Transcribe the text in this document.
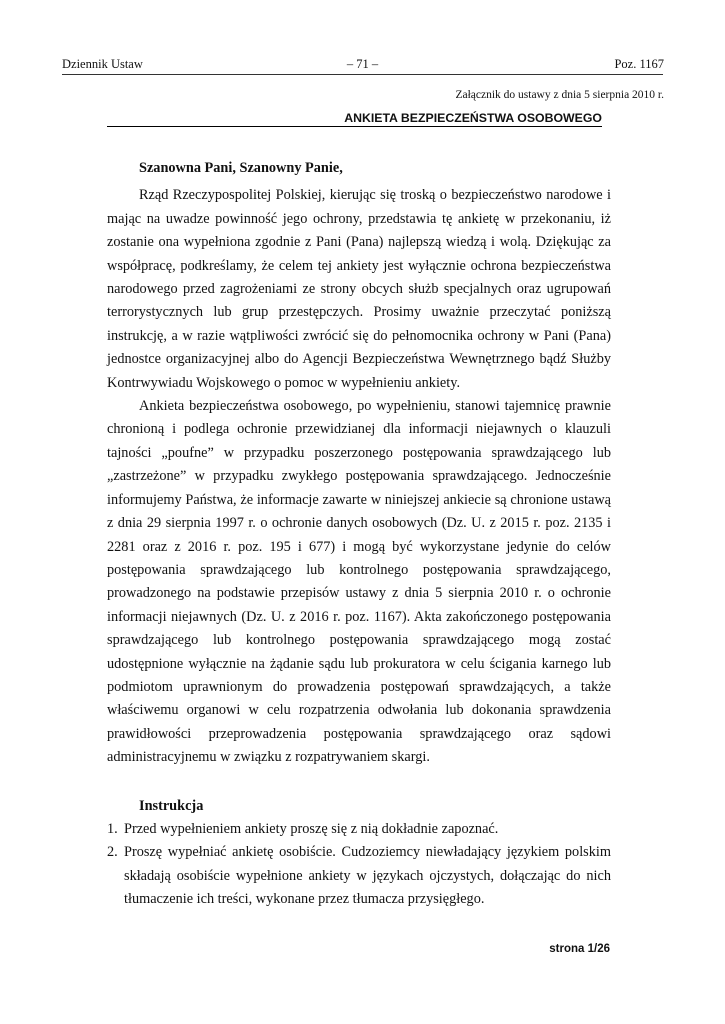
Dziennik Ustaw	– 71 –	Poz. 1167
Załącznik do ustawy z dnia 5 sierpnia 2010 r.
ANKIETA BEZPIECZEŃSTWA OSOBOWEGO

Szanowna Pani, Szanowny Panie,

Rząd Rzeczypospolitej Polskiej, kierując się troską o bezpieczeństwo narodowe i mając na uwadze powinność jego ochrony, przedstawia tę ankietę w przekonaniu, iż zostanie ona wypełniona zgodnie z Pani (Pana) najlepszą wiedzą i wolą. Dziękując za współpracę, podkreślamy, że celem tej ankiety jest wyłącznie ochrona bezpieczeństwa narodowego przed zagrożeniami ze strony obcych służb specjalnych oraz ugrupowań terrorystycznych lub grup przestępczych. Prosimy uważnie przeczytać poniższą instrukcję, a w razie wątpliwości zwrócić się do pełnomocnika ochrony w Pani (Pana) jednostce organizacyjnej albo do Agencji Bezpieczeństwa Wewnętrznego bądź Służby Kontrwywiadu Wojskowego o pomoc w wypełnieniu ankiety.

Ankieta bezpieczeństwa osobowego, po wypełnieniu, stanowi tajemnicę prawnie chronioną i podlega ochronie przewidzianej dla informacji niejawnych o klauzuli tajności „poufne” w przypadku poszerzonego postępowania sprawdzającego lub „zastrzeżone” w przypadku zwykłego postępowania sprawdzającego. Jednocześnie informujemy Państwa, że informacje zawarte w niniejszej ankiecie są chronione ustawą z dnia 29 sierpnia 1997 r. o ochronie danych osobowych (Dz. U. z 2015 r. poz. 2135 i 2281 oraz z 2016 r. poz. 195 i 677) i mogą być wykorzystane jedynie do celów postępowania sprawdzającego lub kontrolnego postępowania sprawdzającego, prowadzonego na podstawie przepisów ustawy z dnia 5 sierpnia 2010 r. o ochronie informacji niejawnych (Dz. U. z 2016 r. poz. 1167). Akta zakończonego postępowania sprawdzającego lub kontrolnego postępowania sprawdzającego mogą zostać udostępnione wyłącznie na żądanie sądu lub prokuratora w celu ścigania karnego lub podmiotom uprawnionym do prowadzenia postępowań sprawdzających, a także właściwemu organowi w celu rozpatrzenia odwołania lub dokonania sprawdzenia prawidłowości przeprowadzenia postępowania sprawdzającego oraz sądowi administracyjnemu w związku z rozpatrywaniem skargi.

Instrukcja

1. Przed wypełnieniem ankiety proszę się z nią dokładnie zapoznać.
2. Proszę wypełniać ankietę osobiście. Cudzoziemcy niewładający językiem polskim składają osobiście wypełnione ankiety w językach ojczystych, dołączając do nich tłumaczenie ich treści, wykonane przez tłumacza przysięgłego.
strona 1/26
